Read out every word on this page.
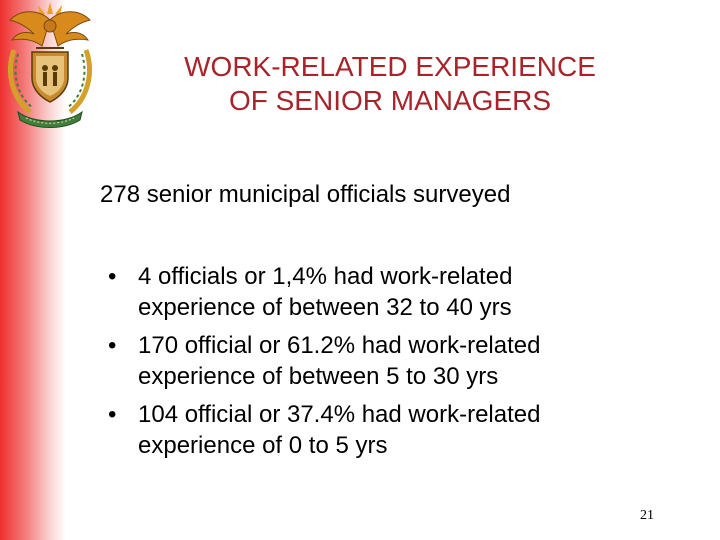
WORK-RELATED EXPERIENCE
OF SENIOR MANAGERS
278 senior municipal officials surveyed
• 4 officials or 1,4% had work-related
experience of between 32 to 40 yrs
• 170 official or 61.2% had work-related
experience of between 5 to 30 yrs
• 104 official or 37.4% had work-related
experience of 0 to 5 yrs
21
